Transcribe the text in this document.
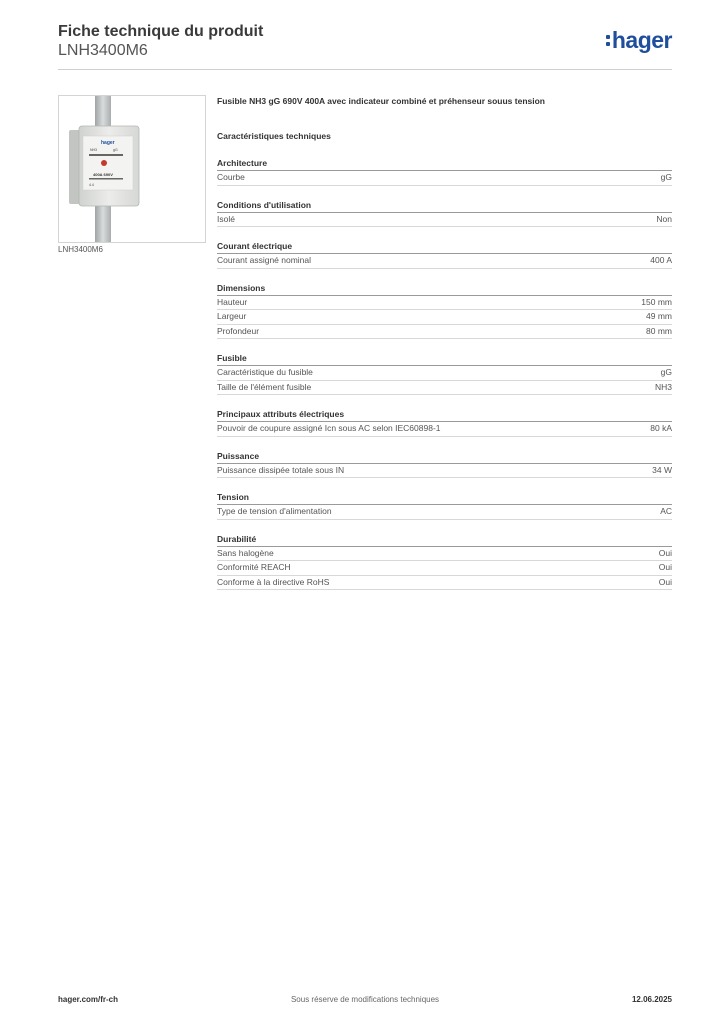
Fiche technique du produit
LNH3400M6	hager
hager
NH3	gG
400A 690V
4.4
LNH3400M6
Fusible NH3 gG 690V 400A avec indicateur combiné et préhenseur souus tension
Caractéristiques techniques
Architecture
Courbe	gG
Conditions d'utilisation
Isolé	Non
Courant électrique
Courant assigné nominal	400 A
Dimensions
Hauteur	150 mm
Largeur	49 mm
Profondeur	80 mm
Fusible
Caractéristique du fusible	gG
Taille de l'élément fusible	NH3
Principaux attributs électriques
Pouvoir de coupure assigné Icn sous AC selon IEC60898-1	80 kA
Puissance
Puissance dissipée totale sous IN	34 W
Tension
Type de tension d'alimentation	AC
Durabilité
Sans halogène	Oui
Conformité REACH	Oui
Conforme à la directive RoHS	Oui
hager.com/fr-ch	Sous réserve de modifications techniques	12.06.2025
